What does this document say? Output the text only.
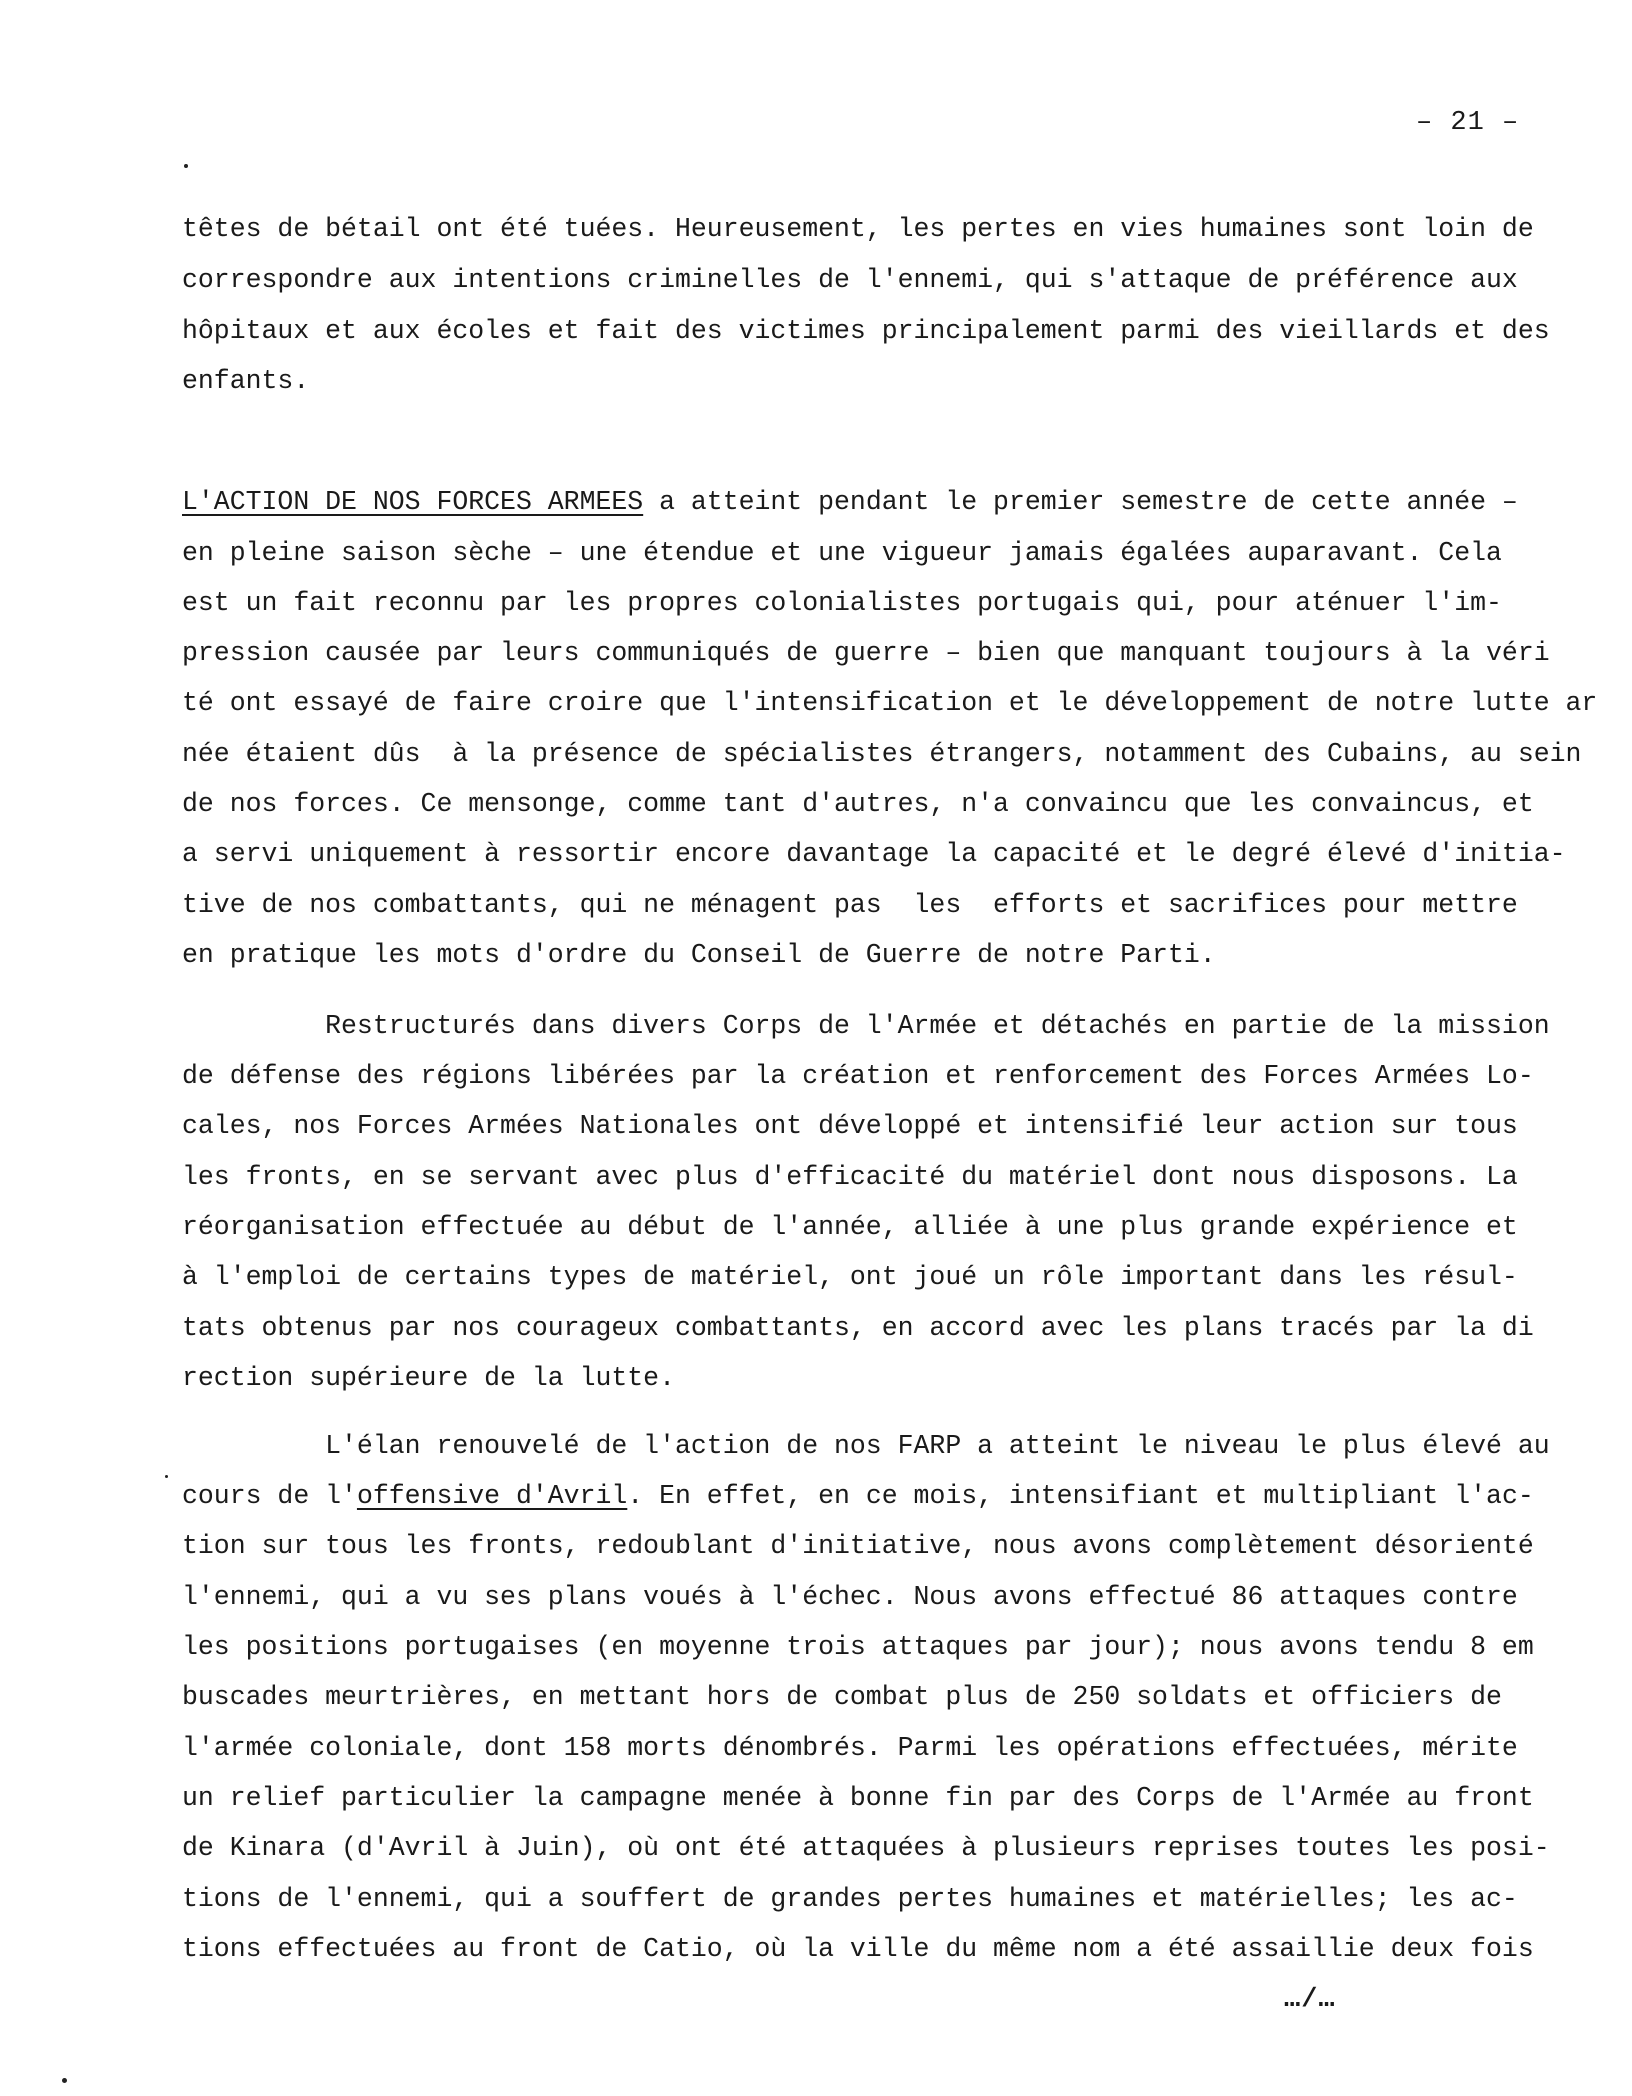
– 21 –
têtes de bétail ont été tuées. Heureusement, les pertes en vies humaines sont loin de
correspondre aux intentions criminelles de l'ennemi, qui s'attaque de préférence aux
hôpitaux et aux écoles et fait des victimes principalement parmi des vieillards et des
enfants.
L'ACTION DE NOS FORCES ARMEES a atteint pendant le premier semestre de cette année –
en pleine saison sèche – une étendue et une vigueur jamais égalées auparavant. Cela
est un fait reconnu par les propres colonialistes portugais qui, pour aténuer l'im-
pression causée par leurs communiqués de guerre – bien que manquant toujours à la véri
té ont essayé de faire croire que l'intensification et le développement de notre lutte ar
née étaient dûs  à la présence de spécialistes étrangers, notamment des Cubains, au sein
de nos forces. Ce mensonge, comme tant d'autres, n'a convaincu que les convaincus, et
a servi uniquement à ressortir encore davantage la capacité et le degré élevé d'initia-
tive de nos combattants, qui ne ménagent pas  les  efforts et sacrifices pour mettre
en pratique les mots d'ordre du Conseil de Guerre de notre Parti.
Restructurés dans divers Corps de l'Armée et détachés en partie de la mission
de défense des régions libérées par la création et renforcement des Forces Armées Lo-
cales, nos Forces Armées Nationales ont développé et intensifié leur action sur tous
les fronts, en se servant avec plus d'efficacité du matériel dont nous disposons. La
réorganisation effectuée au début de l'année, alliée à une plus grande expérience et
à l'emploi de certains types de matériel, ont joué un rôle important dans les résul-
tats obtenus par nos courageux combattants, en accord avec les plans tracés par la di
rection supérieure de la lutte.
L'élan renouvelé de l'action de nos FARP a atteint le niveau le plus élevé au
cours de l'offensive d'Avril. En effet, en ce mois, intensifiant et multipliant l'ac-
tion sur tous les fronts, redoublant d'initiative, nous avons complètement désorienté
l'ennemi, qui a vu ses plans voués à l'échec. Nous avons effectué 86 attaques contre
les positions portugaises (en moyenne trois attaques par jour); nous avons tendu 8 em
buscades meurtrières, en mettant hors de combat plus de 250 soldats et officiers de
l'armée coloniale, dont 158 morts dénombrés. Parmi les opérations effectuées, mérite
un relief particulier la campagne menée à bonne fin par des Corps de l'Armée au front
de Kinara (d'Avril à Juin), où ont été attaquées à plusieurs reprises toutes les posi-
tions de l'ennemi, qui a souffert de grandes pertes humaines et matérielles; les ac-
tions effectuées au front de Catio, où la ville du même nom a été assaillie deux fois
…/…
